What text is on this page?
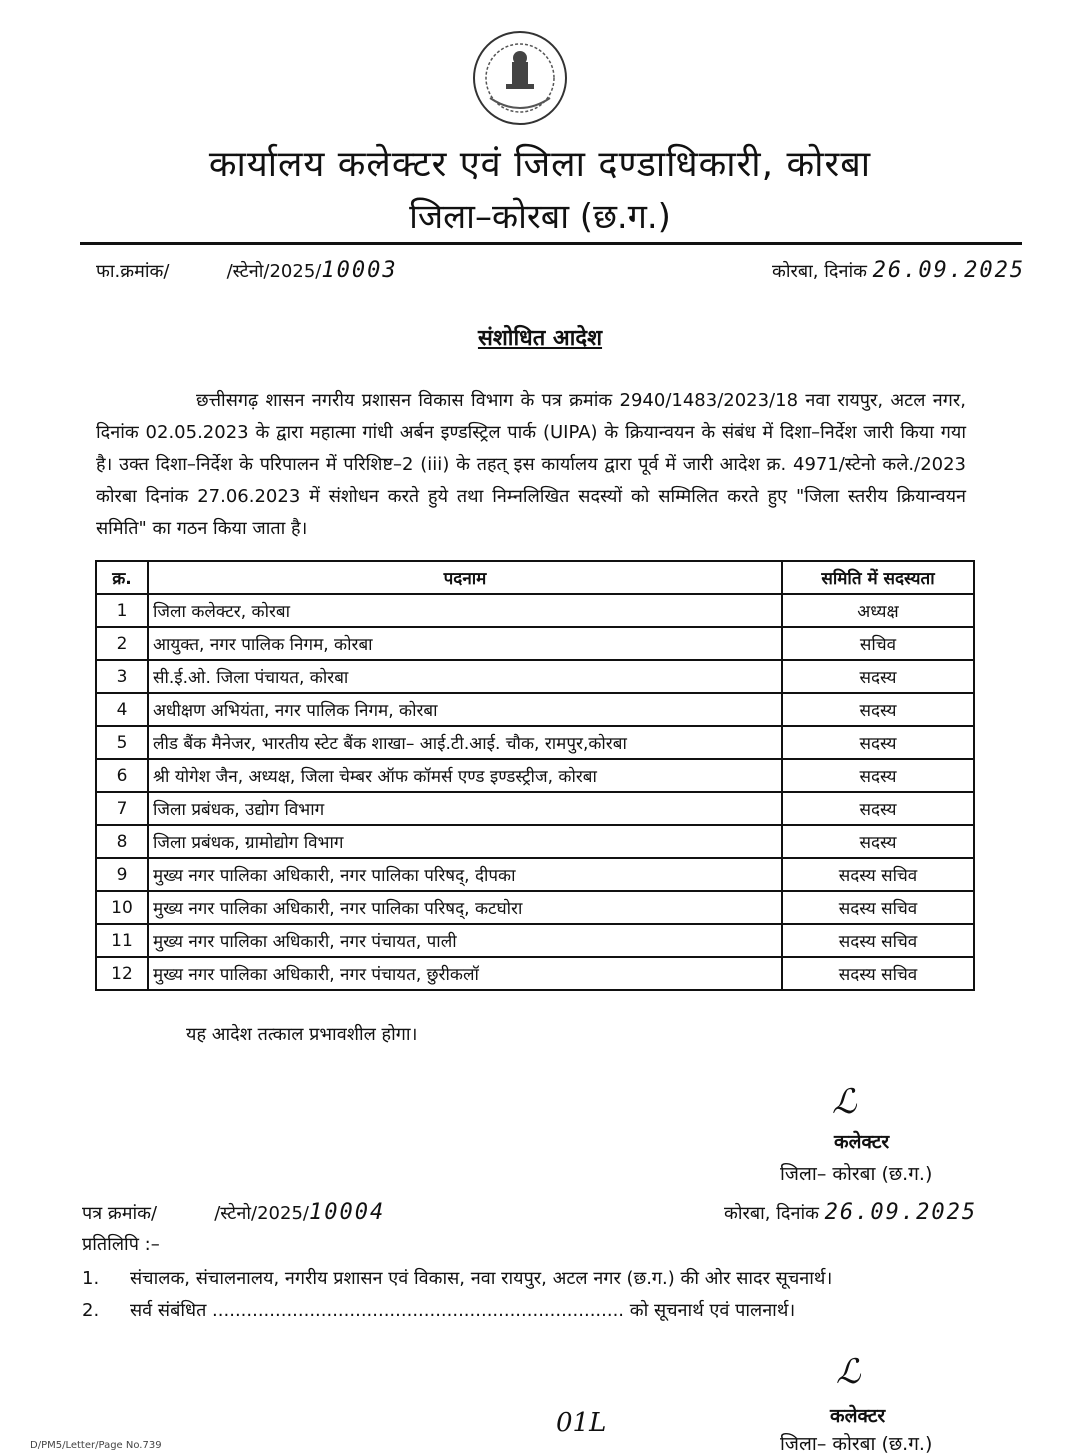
कार्यालय कलेक्टर एवं जिला दण्डाधिकारी, कोरबा
जिला–कोरबा (छ.ग.)
फा.क्रमांक/          /स्टेनो/2025/10003	कोरबा, दिनांक 26.09.2025
संशोधित आदेश
छत्तीसगढ़ शासन नगरीय प्रशासन विकास विभाग के पत्र क्रमांक 2940/1483/2023/18 नवा रायपुर, अटल नगर, दिनांक 02.05.2023 के द्वारा महात्मा गांधी अर्बन इण्डस्ट्रिल पार्क (UIPA) के क्रियान्वयन के संबंध में दिशा–निर्देश जारी किया गया है। उक्त दिशा–निर्देश के परिपालन में परिशिष्ट–2 (iii) के तहत् इस कार्यालय द्वारा पूर्व में जारी आदेश क्र. 4971/स्टेनो कले./2023 कोरबा दिनांक 27.06.2023 में संशोधन करते हुये तथा निम्नलिखित सदस्यों को सम्मिलित करते हुए "जिला स्तरीय क्रियान्वयन समिति" का गठन किया जाता है।
क्र.	पदनाम	समिति में सदस्यता
1	जिला कलेक्टर, कोरबा	अध्यक्ष
2	आयुक्त, नगर पालिक निगम, कोरबा	सचिव
3	सी.ई.ओ. जिला पंचायत, कोरबा	सदस्य
4	अधीक्षण अभियंता, नगर पालिक निगम, कोरबा	सदस्य
5	लीड बैंक मैनेजर, भारतीय स्टेट बैंक शाखा– आई.टी.आई. चौक, रामपुर,कोरबा	सदस्य
6	श्री योगेश जैन, अध्यक्ष, जिला चेम्बर ऑफ कॉमर्स एण्ड इण्डस्ट्रीज, कोरबा	सदस्य
7	जिला प्रबंधक, उद्योग विभाग	सदस्य
8	जिला प्रबंधक, ग्रामोद्योग विभाग	सदस्य
9	मुख्य नगर पालिका अधिकारी, नगर पालिका परिषद्, दीपका	सदस्य सचिव
10	मुख्य नगर पालिका अधिकारी, नगर पालिका परिषद्, कटघोरा	सदस्य सचिव
11	मुख्य नगर पालिका अधिकारी, नगर पंचायत, पाली	सदस्य सचिव
12	मुख्य नगर पालिका अधिकारी, नगर पंचायत, छुरीकलॉ	सदस्य सचिव
यह आदेश तत्काल प्रभावशील होगा।
ℒ
कलेक्टर
जिला– कोरबा (छ.ग.)
पत्र क्रमांक/          /स्टेनो/2025/10004	कोरबा, दिनांक 26.09.2025
प्रतिलिपि :–
1. संचालक, संचालनालय, नगरीय प्रशासन एवं विकास, नवा रायपुर, अटल नगर (छ.ग.) की ओर सादर सूचनार्थ।
2. सर्व संबंधित ........................................................................ को सूचनार्थ एवं पालनार्थ।
ℒ
कलेक्टर
जिला– कोरबा (छ.ग.)
01L
D/PM5/Letter/Page No.739
